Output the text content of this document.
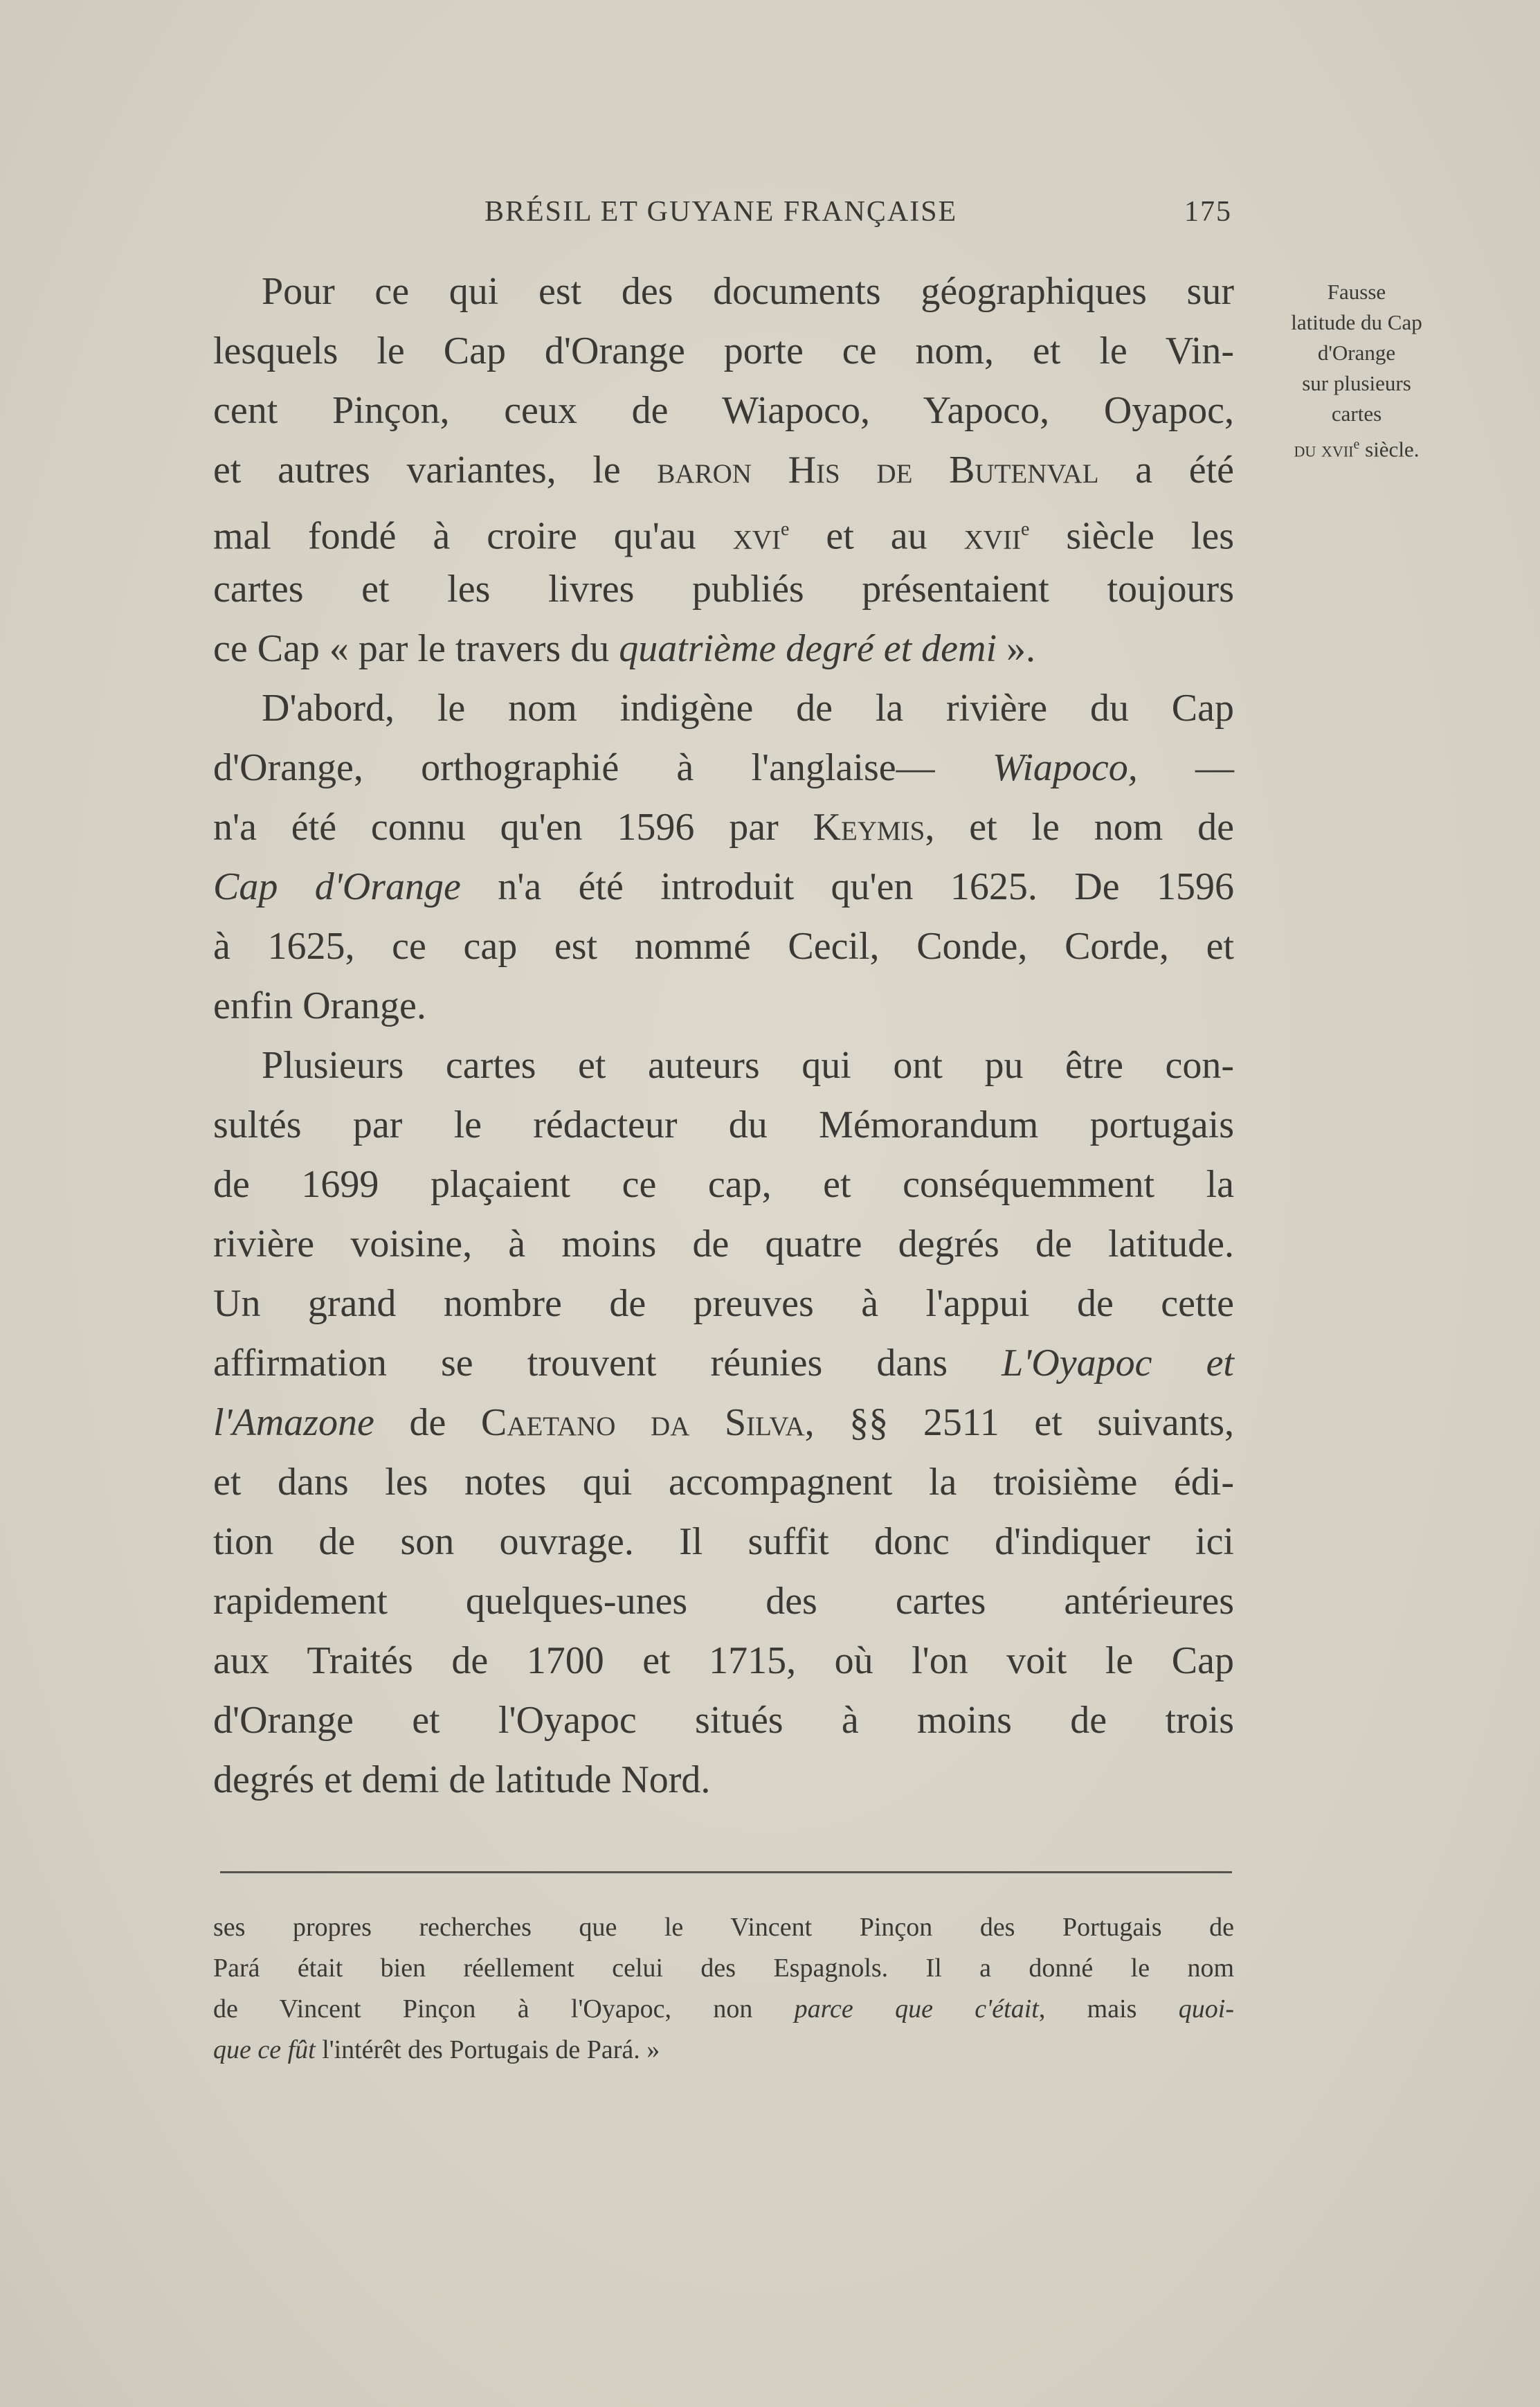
BRÉSIL ET GUYANE FRANÇAISE	175
Fausse
latitude du Cap
d'Orange
sur plusieurs
cartes
du xvii$^e$ siècle.
Pour ce qui est des documents géographiques sur
lesquels le Cap d'Orange porte ce nom, et le Vin-
cent Pinçon, ceux de Wiapoco, Yapoco, Oyapoc,
et autres variantes, le baron His de Butenval a été
mal fondé à croire qu'au xvi$^e$ et au xvii$^e$ siècle les
cartes et les livres publiés présentaient toujours
ce Cap « par le travers du quatrième degré et demi ».
D'abord, le nom indigène de la rivière du Cap
d'Orange, orthographié à l'anglaise— Wiapoco, —
n'a été connu qu'en 1596 par Keymis, et le nom de
Cap d'Orange n'a été introduit qu'en 1625. De 1596
à 1625, ce cap est nommé Cecil, Conde, Corde, et
enfin Orange.
Plusieurs cartes et auteurs qui ont pu être con-
sultés par le rédacteur du Mémorandum portugais
de 1699 plaçaient ce cap, et conséquemment la
rivière voisine, à moins de quatre degrés de latitude.
Un grand nombre de preuves à l'appui de cette
affirmation se trouvent réunies dans L'Oyapoc et
l'Amazone de Caetano da Silva, §§ 2511 et suivants,
et dans les notes qui accompagnent la troisième édi-
tion de son ouvrage. Il suffit donc d'indiquer ici
rapidement quelques-unes des cartes antérieures
aux Traités de 1700 et 1715, où l'on voit le Cap
d'Orange et l'Oyapoc situés à moins de trois
degrés et demi de latitude Nord.
ses propres recherches que le Vincent Pinçon des Portugais de
Pará était bien réellement celui des Espagnols. Il a donné le nom
de Vincent Pinçon à l'Oyapoc, non parce que c'était, mais quoi-
que ce fût l'intérêt des Portugais de Pará. »
